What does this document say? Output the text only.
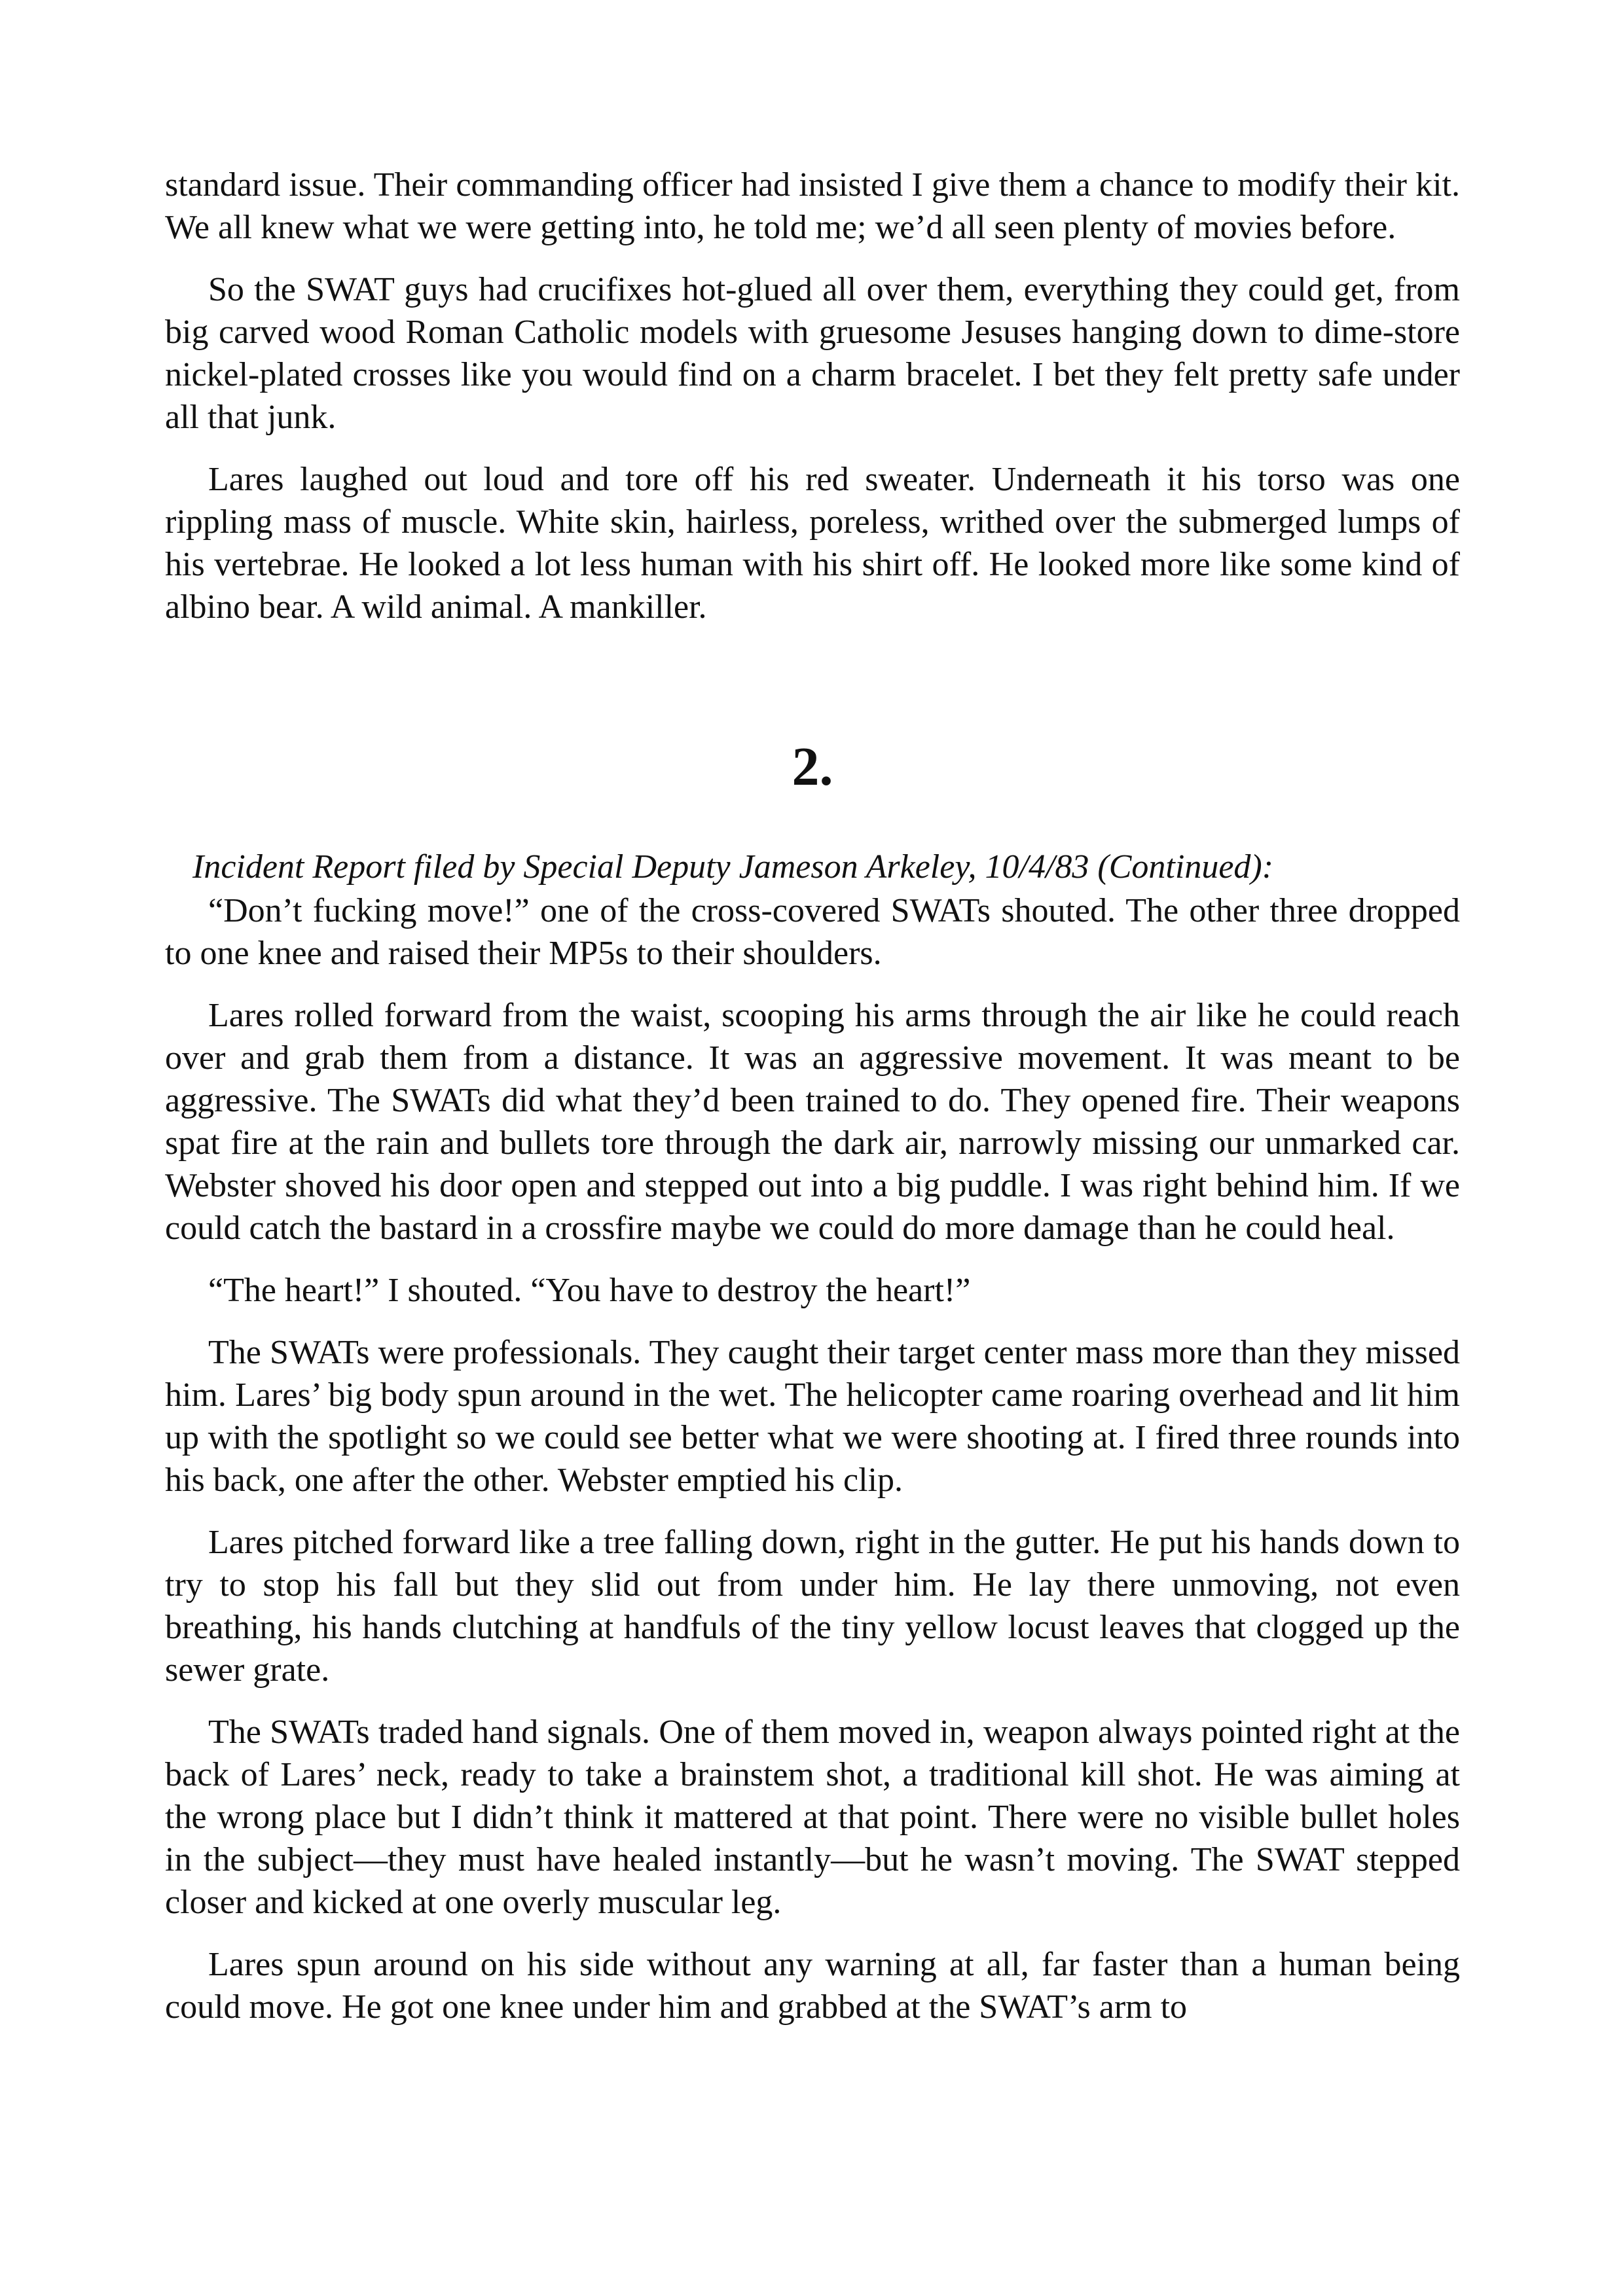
standard issue. Their commanding officer had insisted I give them a chance to modify their kit. We all knew what we were getting into, he told me; we’d all seen plenty of movies before.

So the SWAT guys had crucifixes hot-glued all over them, everything they could get, from big carved wood Roman Catholic models with gruesome Jesuses hanging down to dime-store nickel-plated crosses like you would find on a charm bracelet. I bet they felt pretty safe under all that junk.

Lares laughed out loud and tore off his red sweater. Underneath it his torso was one rippling mass of muscle. White skin, hairless, poreless, writhed over the submerged lumps of his vertebrae. He looked a lot less human with his shirt off. He looked more like some kind of albino bear. A wild animal. A mankiller.

2.

Incident Report filed by Special Deputy Jameson Arkeley, 10/4/83 (Continued):

“Don’t fucking move!” one of the cross-covered SWATs shouted. The other three dropped to one knee and raised their MP5s to their shoulders.

Lares rolled forward from the waist, scooping his arms through the air like he could reach over and grab them from a distance. It was an aggressive movement. It was meant to be aggressive. The SWATs did what they’d been trained to do. They opened fire. Their weapons spat fire at the rain and bullets tore through the dark air, narrowly missing our unmarked car. Webster shoved his door open and stepped out into a big puddle. I was right behind him. If we could catch the bastard in a crossfire maybe we could do more damage than he could heal.

“The heart!” I shouted. “You have to destroy the heart!”

The SWATs were professionals. They caught their target center mass more than they missed him. Lares’ big body spun around in the wet. The helicopter came roaring overhead and lit him up with the spotlight so we could see better what we were shooting at. I fired three rounds into his back, one after the other. Webster emptied his clip.

Lares pitched forward like a tree falling down, right in the gutter. He put his hands down to try to stop his fall but they slid out from under him. He lay there unmoving, not even breathing, his hands clutching at handfuls of the tiny yellow locust leaves that clogged up the sewer grate.

The SWATs traded hand signals. One of them moved in, weapon always pointed right at the back of Lares’ neck, ready to take a brainstem shot, a traditional kill shot. He was aiming at the wrong place but I didn’t think it mattered at that point. There were no visible bullet holes in the subject—they must have healed instantly—but he wasn’t moving. The SWAT stepped closer and kicked at one overly muscular leg.

Lares spun around on his side without any warning at all, far faster than a human being could move. He got one knee under him and grabbed at the SWAT’s arm to
